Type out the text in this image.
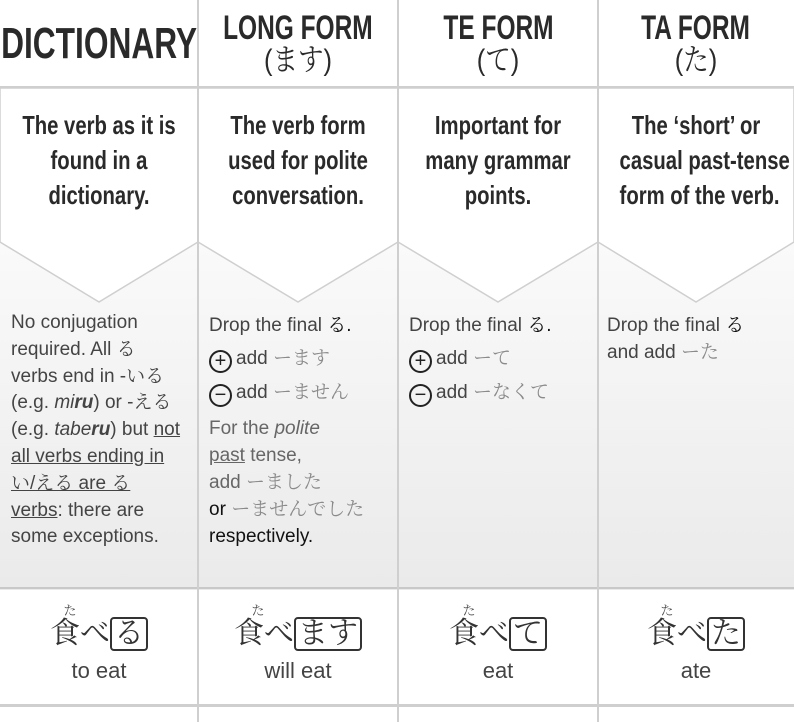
DICTIONARY
The verb as it is
found in a
dictionary.
No conjugation required. All る verbs end in -いる (e.g. miru) or -える (e.g. taberu) but not all verbs ending in い/える are る verbs: there are some exceptions.
た
食べ る
to eat
LONG FORM
(ます)
The verb form
used for polite
conversation.
Drop the final る.
+ add ーます
− add ーません
For the polite
past tense,
add ーました
or ーませんでした
respectively.
た
食べ ます
will eat
TE FORM
(て)
Important for
many grammar
points.
Drop the final る.
+ add ーて
− add ーなくて
た
食べ て
eat
TA FORM
(た)
The ‘short’ or
casual past-tense
form of the verb.
Drop the final る
and add ーた
た
食べ た
ate
